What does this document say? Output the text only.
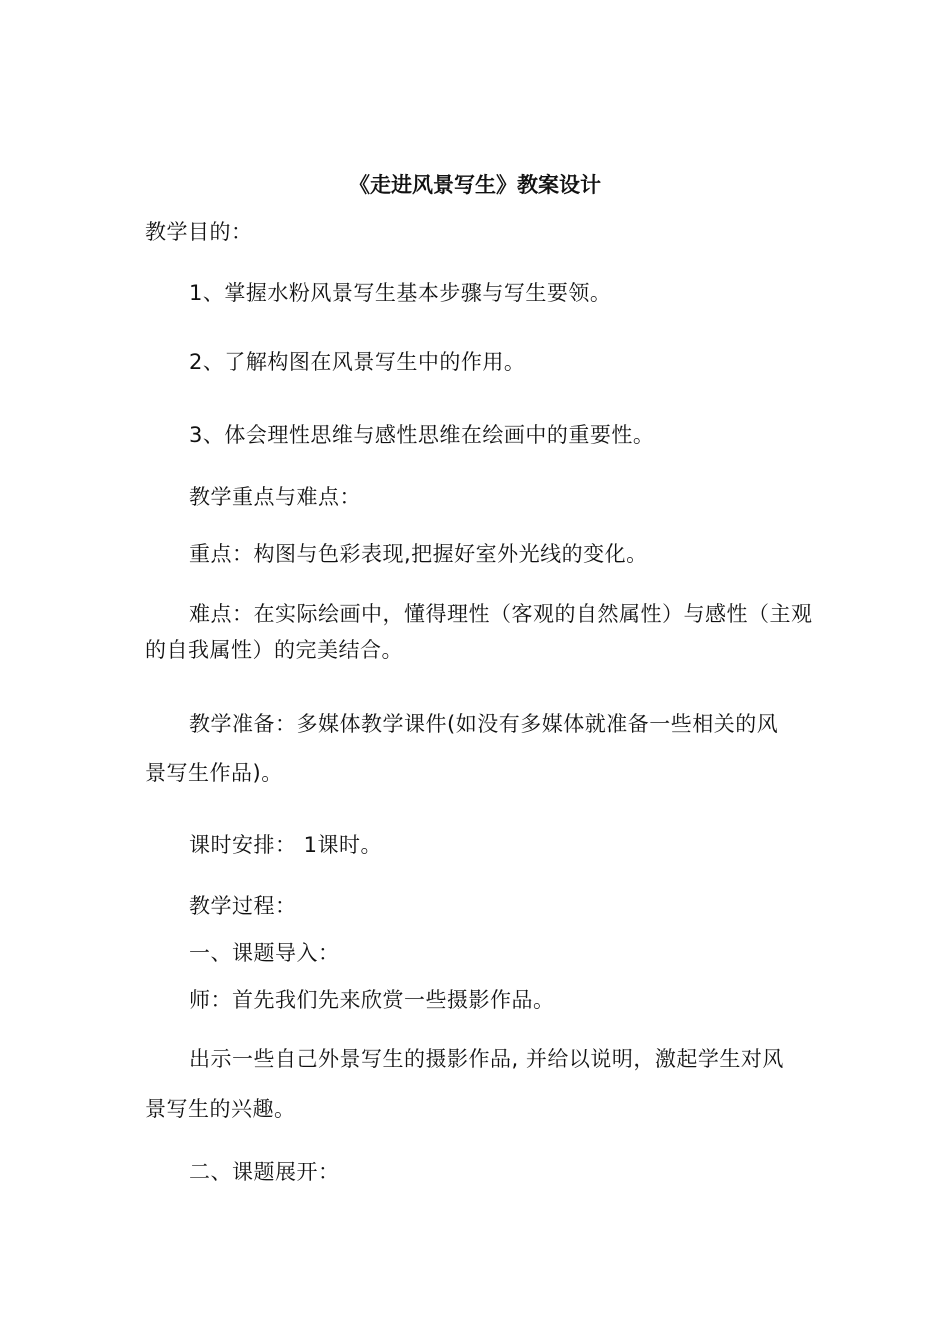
《走进风景写生》教案设计
教学目的：
1、掌握水粉风景写生基本步骤与写生要领。
2、了解构图在风景写生中的作用。
3、体会理性思维与感性思维在绘画中的重要性。
教学重点与难点：
重点：构图与色彩表现,把握好室外光线的变化。
难点：在实际绘画中，懂得理性（客观的自然属性）与感性（主观
的自我属性）的完美结合。
教学准备：多媒体教学课件(如没有多媒体就准备一些相关的风
景写生作品)。
课时安排： 1课时。
教学过程：
一、课题导入：
师：首先我们先来欣赏一些摄影作品。
出示一些自己外景写生的摄影作品, 并给以说明，激起学生对风
景写生的兴趣。
二、课题展开：
